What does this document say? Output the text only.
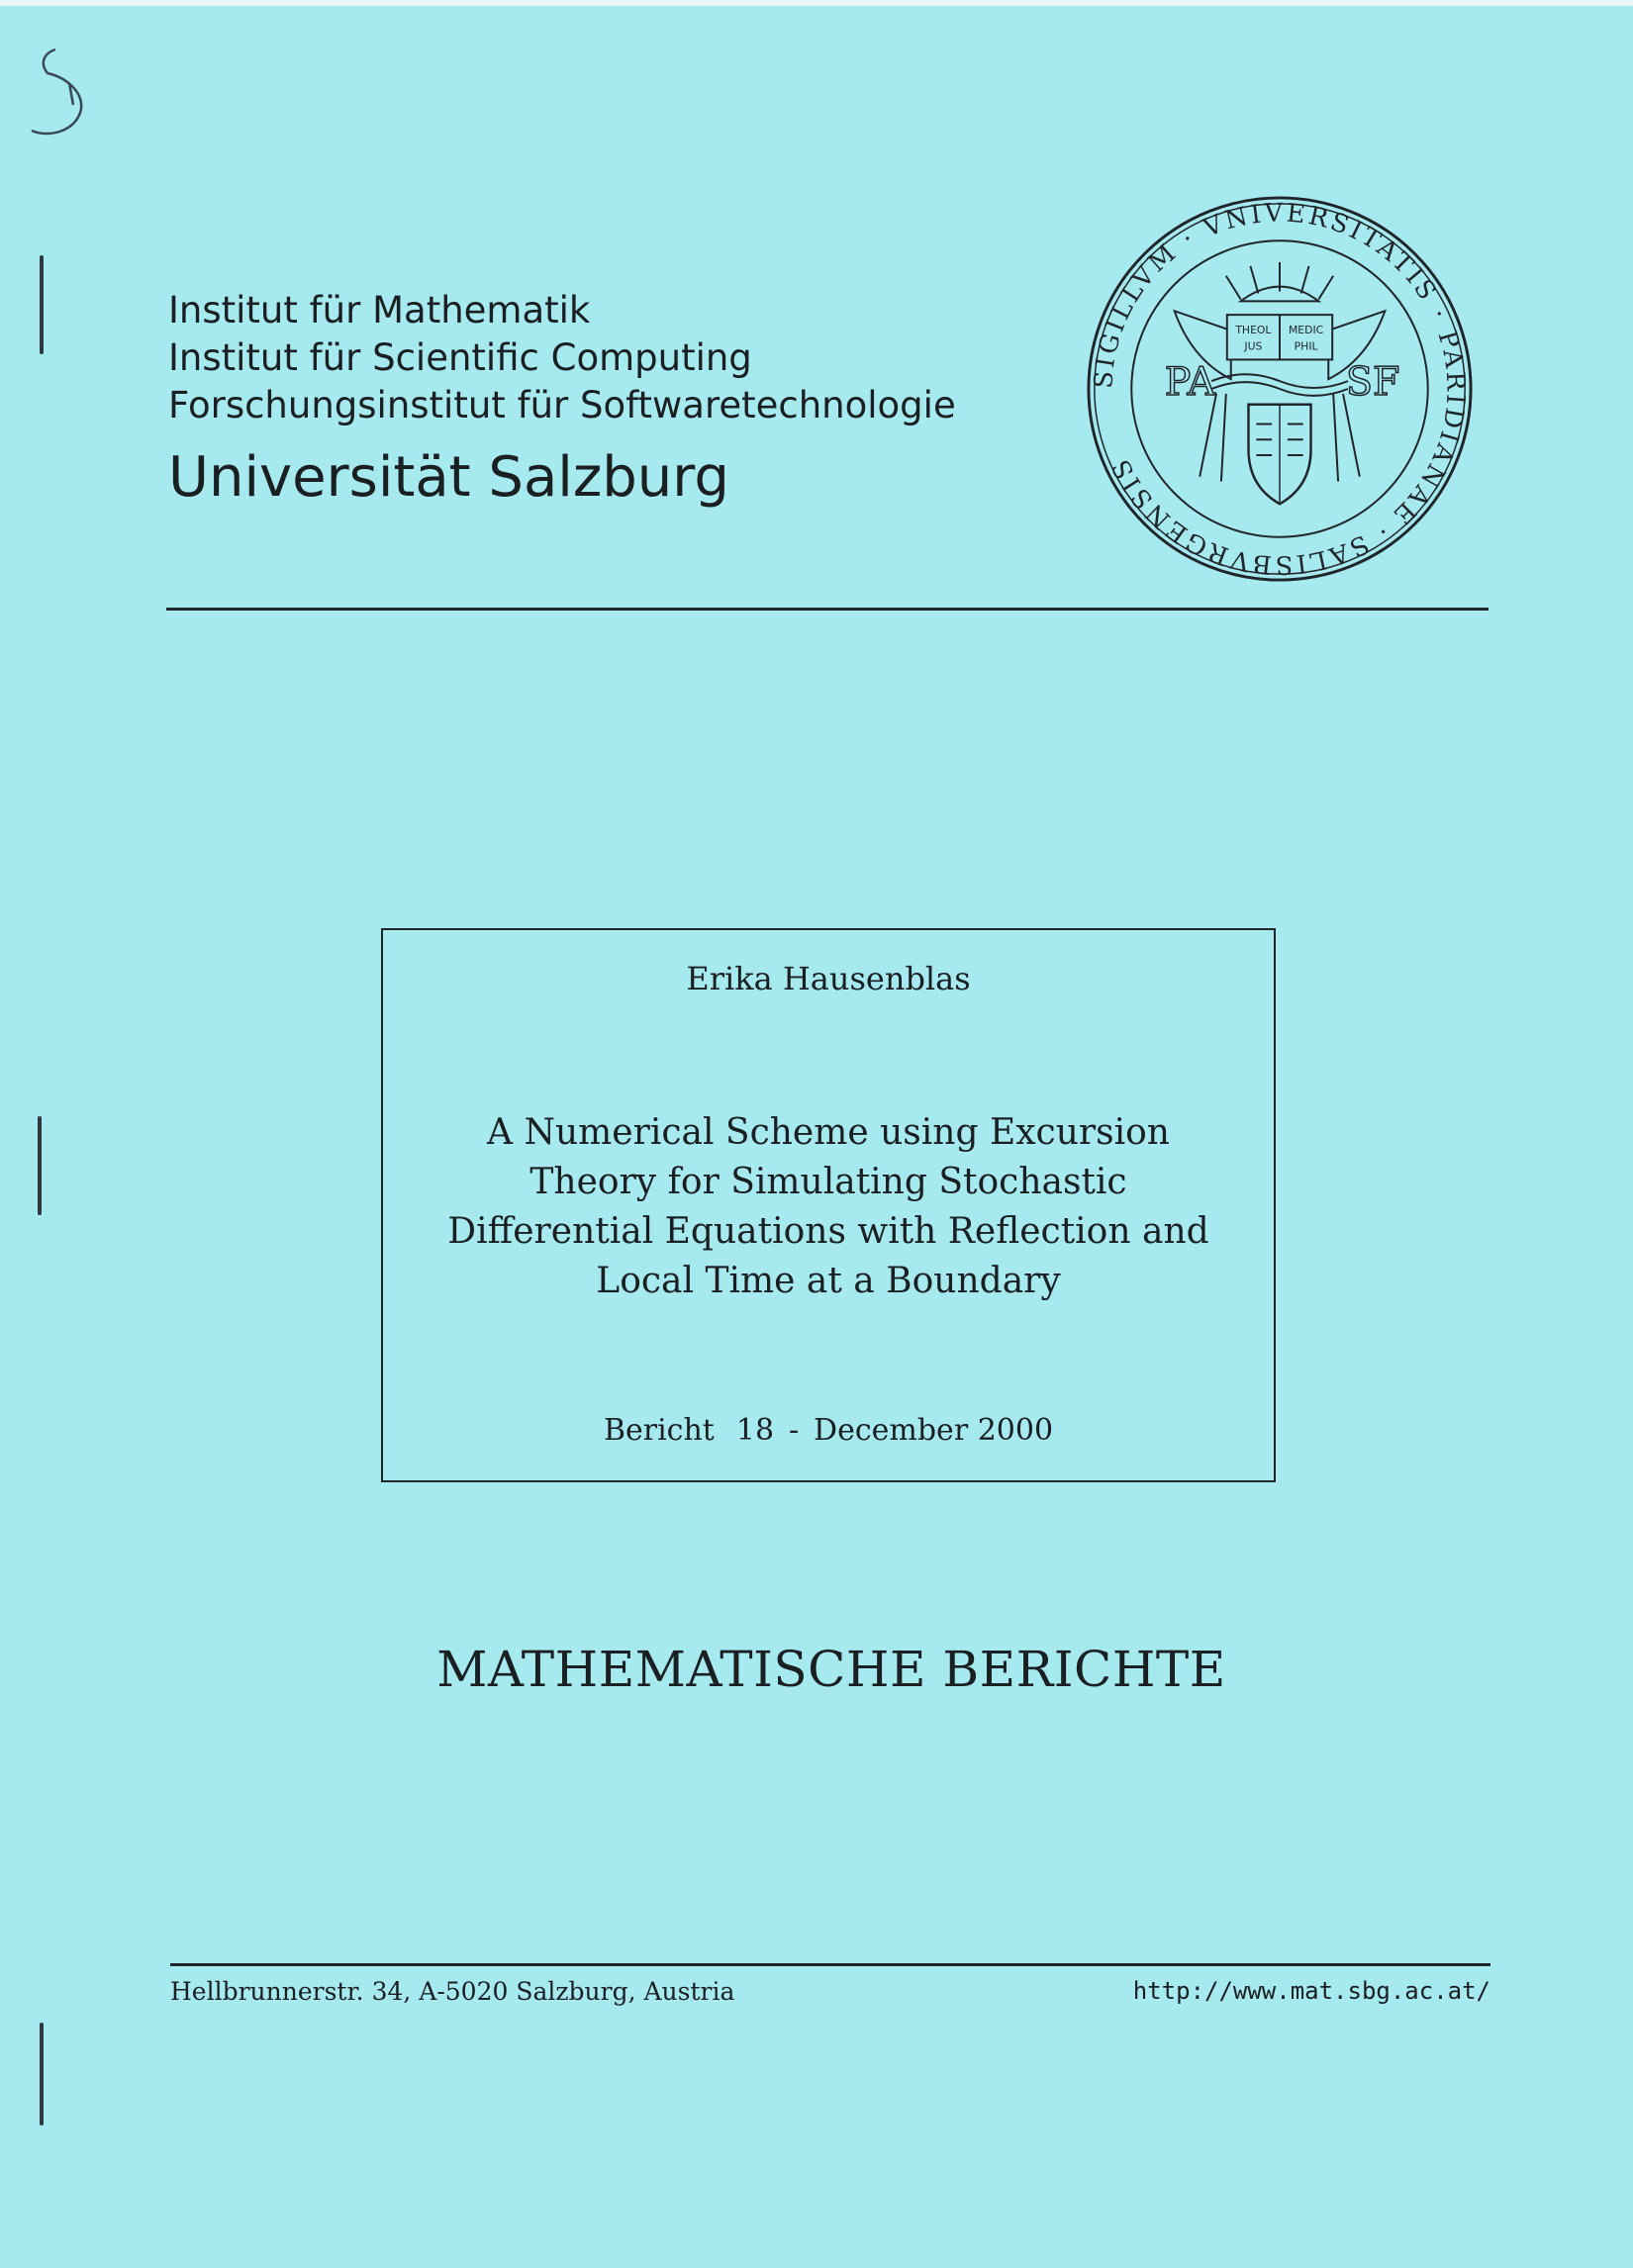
Institut für Mathematik
Institut für Scientific Computing
Forschungsinstitut für Softwaretechnologie
Universität Salzburg
SIGILLVM · VNIVERSITATIS · PARIDIANAE · SALISBVRGENSIS
THEOL MEDIC
JUS	PHIL
PA	SF
Erika Hausenblas
A Numerical Scheme using Excursion
Theory for Simulating Stochastic
Differential Equations with Reflection and
Local Time at a Boundary
Bericht 18 - December 2000
MATHEMATISCHE BERICHTE
Hellbrunnerstr. 34, A-5020 Salzburg, Austria	http://www.mat.sbg.ac.at/
